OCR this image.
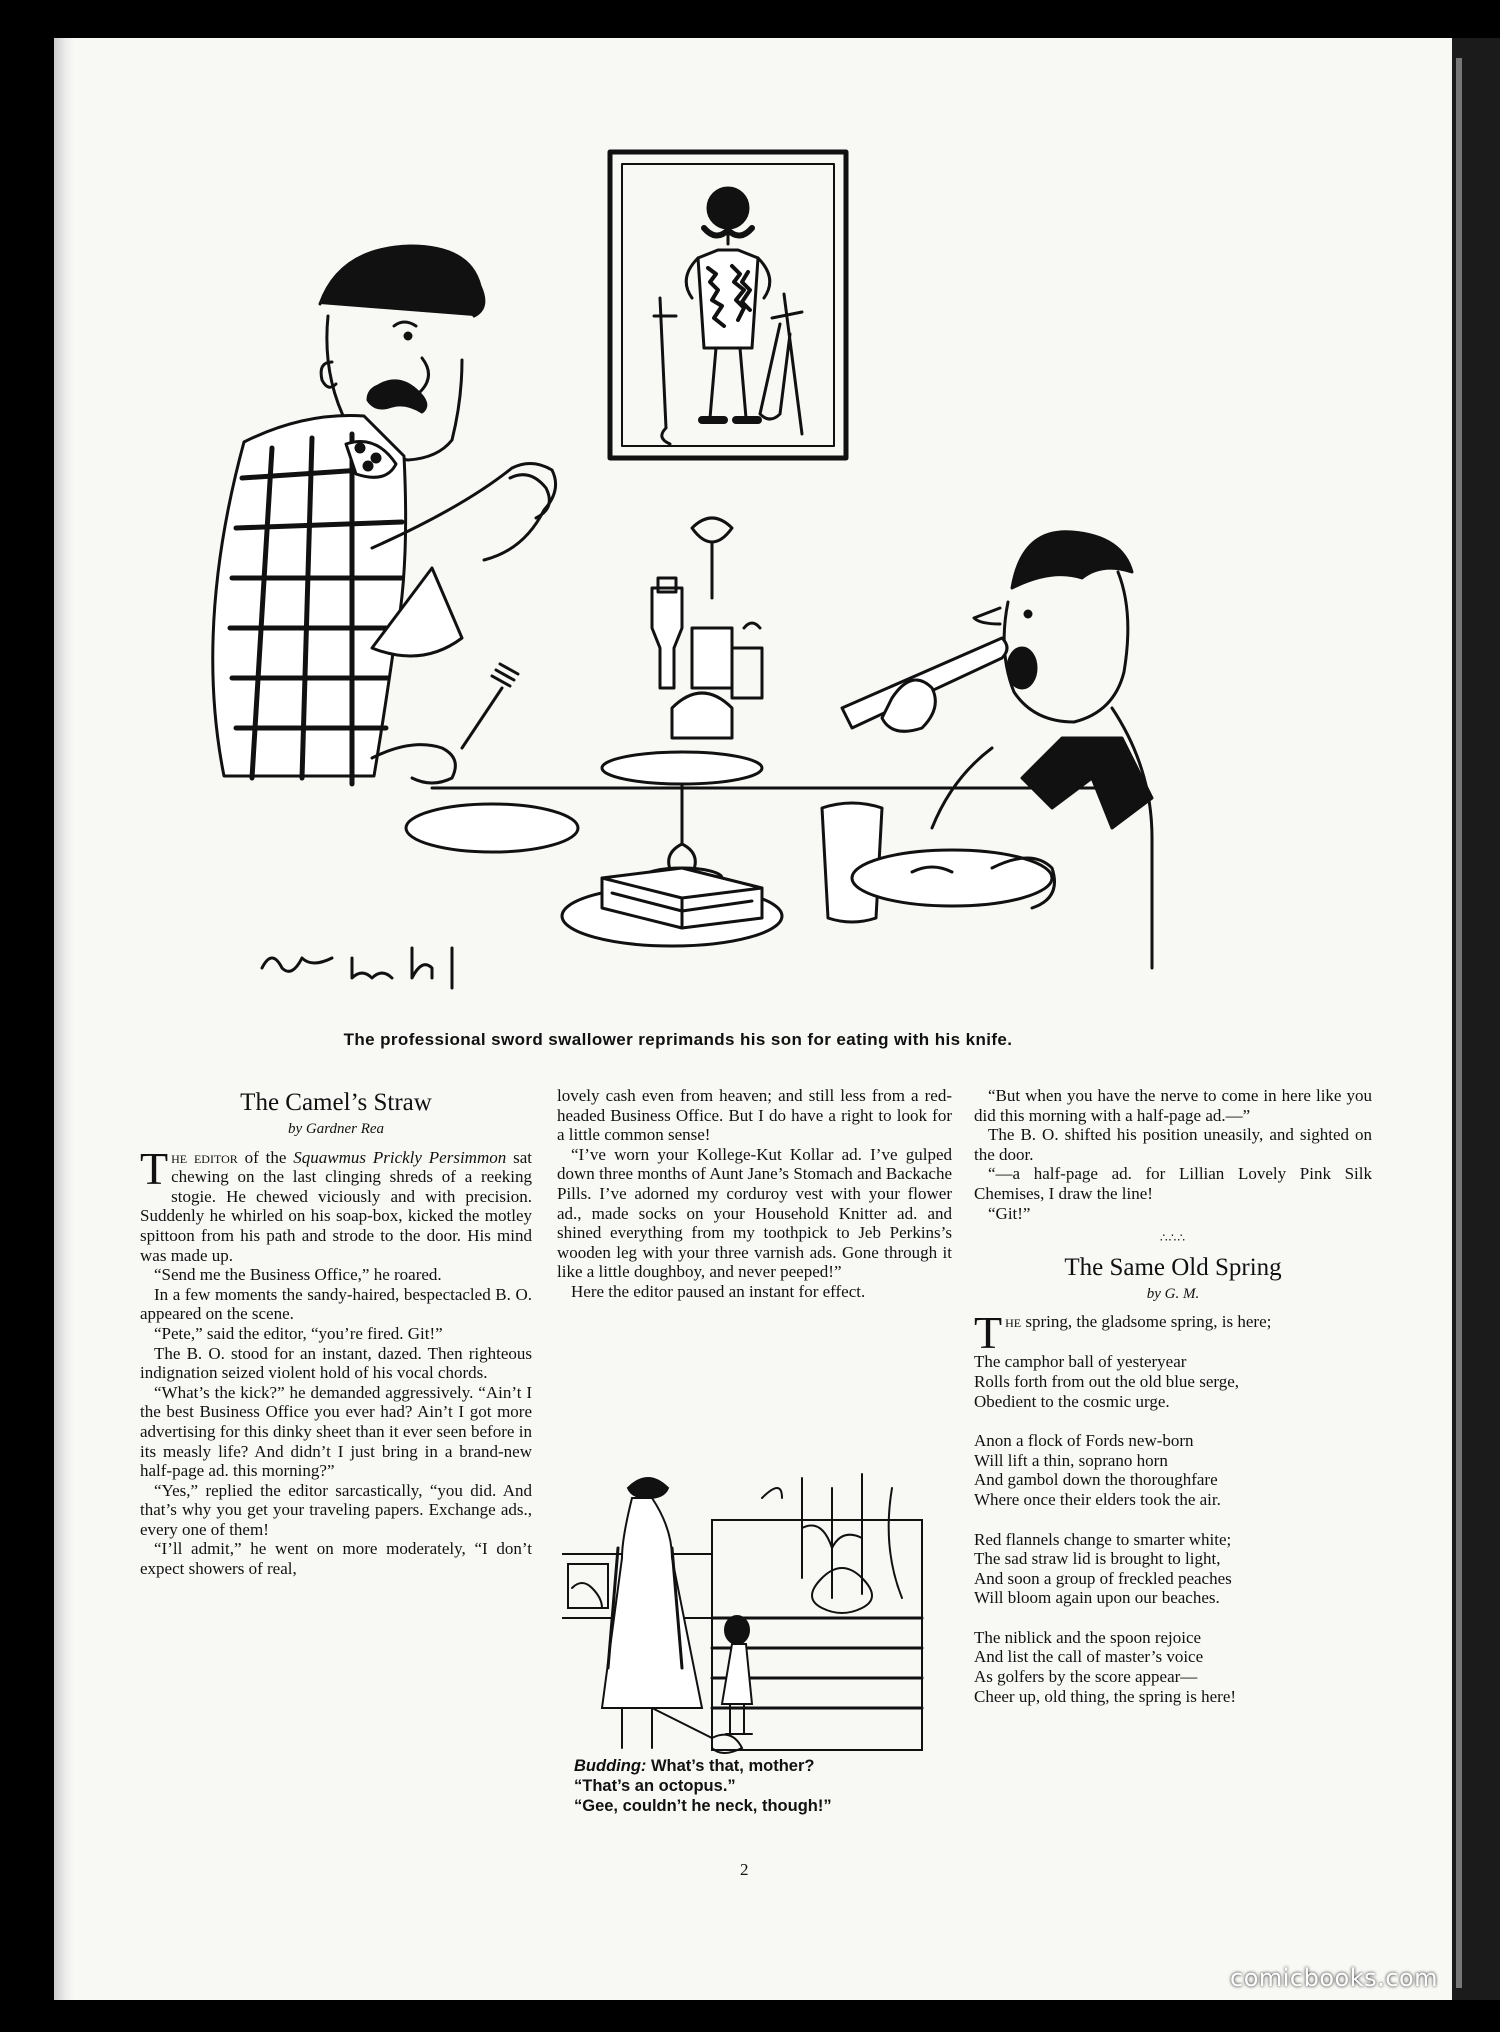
The professional sword swallower reprimands his son for eating with his knife.
The Camel’s Straw
by Gardner Rea

The editor of the Squawmus Prickly Persimmon sat chewing on the last clinging shreds of a reeking stogie. He chewed viciously and with precision. Suddenly he whirled on his soap-box, kicked the motley spittoon from his path and strode to the door. His mind was made up.

“Send me the Business Office,” he roared.

In a few moments the sandy-haired, bespectacled B. O. appeared on the scene.

“Pete,” said the editor, “you’re fired. Git!”

The B. O. stood for an instant, dazed. Then righteous indignation seized violent hold of his vocal chords.

“What’s the kick?” he demanded aggressively. “Ain’t I the best Business Office you ever had? Ain’t I got more advertising for this dinky sheet than it ever seen before in its measly life? And didn’t I just bring in a brand-new half-page ad. this morning?”

“Yes,” replied the editor sarcastically, “you did. And that’s why you get your traveling papers. Exchange ads., every one of them!

“I’ll admit,” he went on more moderately, “I don’t expect showers of real,

lovely cash even from heaven; and still less from a red-headed Business Office. But I do have a right to look for a little common sense!

“I’ve worn your Kollege-Kut Kollar ad. I’ve gulped down three months of Aunt Jane’s Stomach and Backache Pills. I’ve adorned my corduroy vest with your flower ad., made socks on your Household Knitter ad. and shined everything from my toothpick to Jeb Perkins’s wooden leg with your three varnish ads. Gone through it like a little doughboy, and never peeped!”

Here the editor paused an instant for effect.

Budding: What’s that, mother?
“That’s an octopus.”
“Gee, couldn’t he neck, though!”

“But when you have the nerve to come in here like you did this morning with a half-page ad.—”

The B. O. shifted his position uneasily, and sighted on the door.

“—a half-page ad. for Lillian Lovely Pink Silk Chemises, I draw the line!

“Git!”

∴∴∴
The Same Old Spring
by G. M.

The spring, the gladsome spring, is here;

The camphor ball of yesteryear

Rolls forth from out the old blue serge,

Obedient to the cosmic urge.

Anon a flock of Fords new-born

Will lift a thin, soprano horn

And gambol down the thoroughfare

Where once their elders took the air.

Red flannels change to smarter white;

The sad straw lid is brought to light,

And soon a group of freckled peaches

Will bloom again upon our beaches.

The niblick and the spoon rejoice

And list the call of master’s voice

As golfers by the score appear—

Cheer up, old thing, the spring is here!

2
comicbooks.com
